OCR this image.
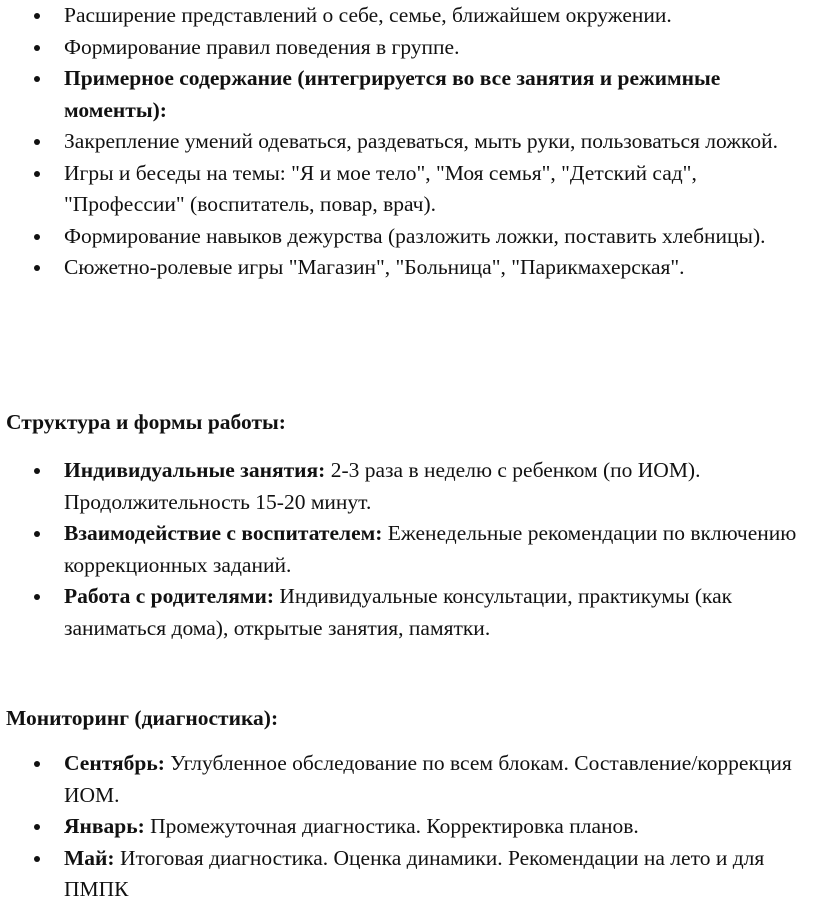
Расширение представлений о себе, семье, ближайшем окружении.
Формирование правил поведения в группе.
Примерное содержание (интегрируется во все занятия и режимные моменты):
Закрепление умений одеваться, раздеваться, мыть руки, пользоваться ложкой.
Игры и беседы на темы: "Я и мое тело", "Моя семья", "Детский сад", "Профессии" (воспитатель, повар, врач).
Формирование навыков дежурства (разложить ложки, поставить хлебницы).
Сюжетно-ролевые игры "Магазин", "Больница", "Парикмахерская".
Структура и формы работы:
Индивидуальные занятия: 2-3 раза в неделю с ребенком (по ИОМ). Продолжительность 15-20 минут.
Взаимодействие с воспитателем: Еженедельные рекомендации по включению коррекционных заданий.
Работа с родителями: Индивидуальные консультации, практикумы (как заниматься дома), открытые занятия, памятки.
Мониторинг (диагностика):
Сентябрь: Углубленное обследование по всем блокам. Составление/коррекция ИОМ.
Январь: Промежуточная диагностика. Корректировка планов.
Май: Итоговая диагностика. Оценка динамики. Рекомендации на лето и для ПМПК
